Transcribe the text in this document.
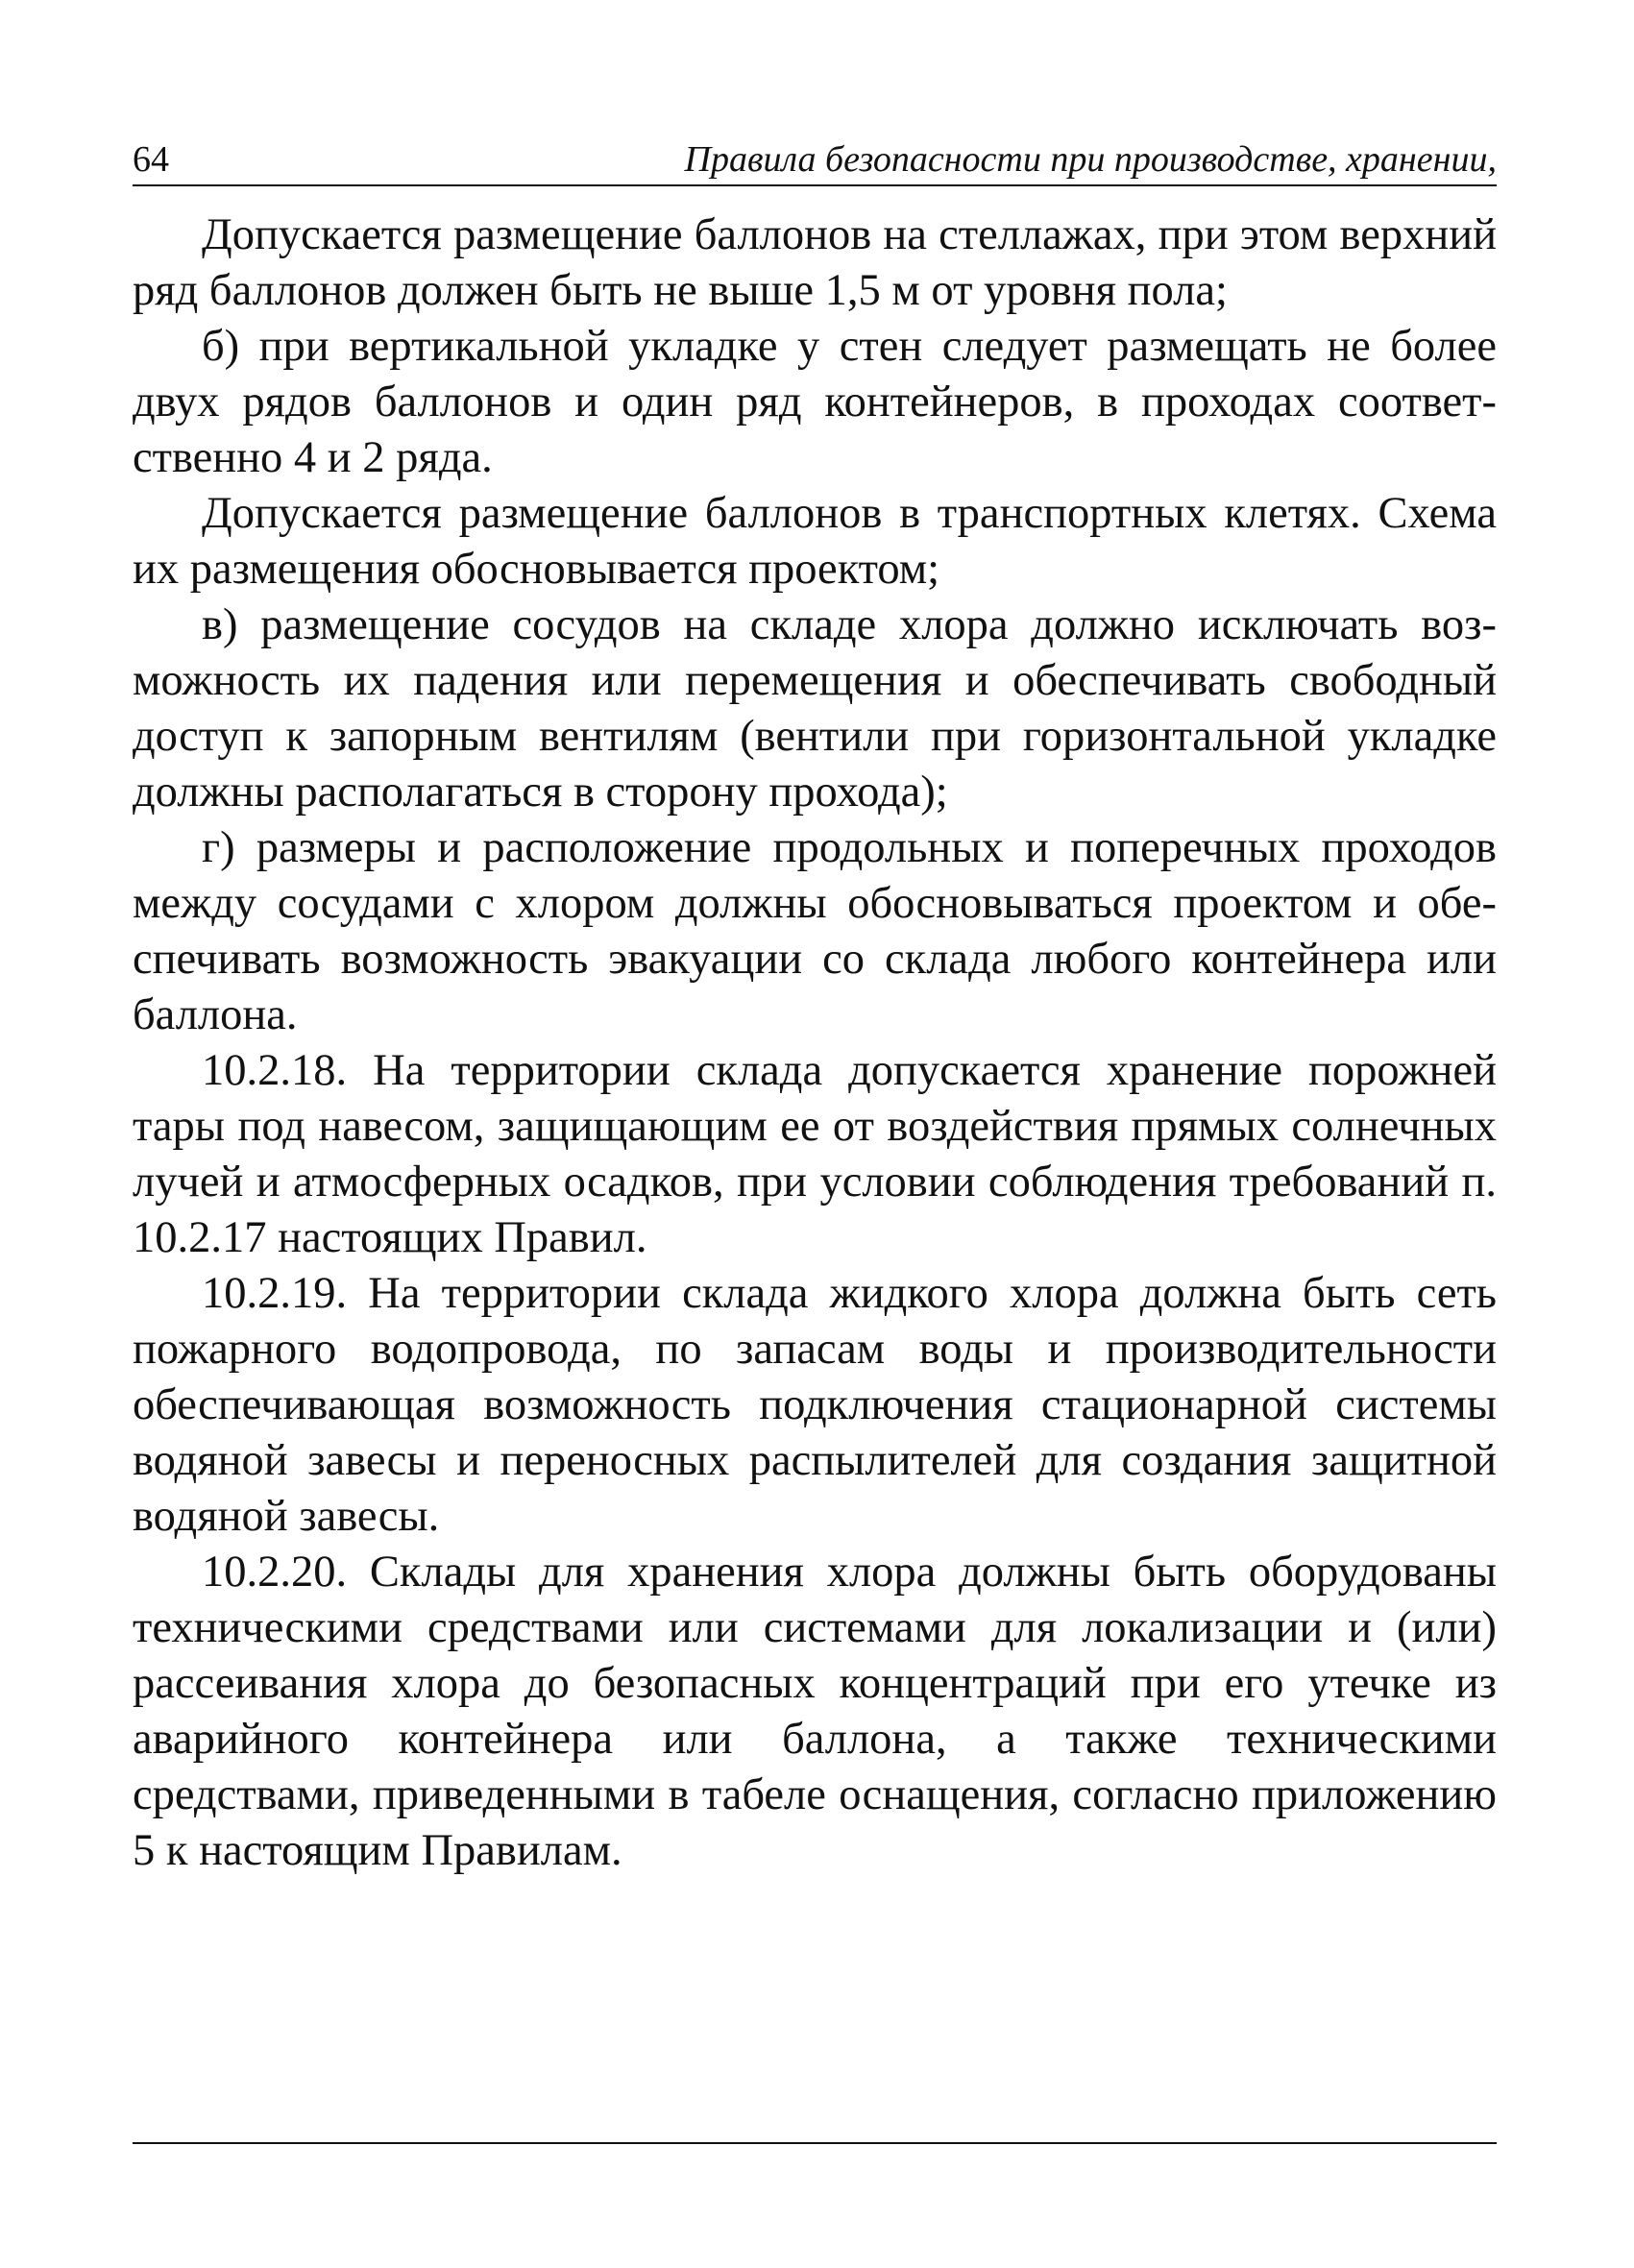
64	Правила безопасности при производстве, хранении,

Допускается размещение баллонов на стеллажах, при этом верхний ряд баллонов должен быть не выше 1,5 м от уровня пола;

б) при вертикальной укладке у стен следует размещать не более двух рядов баллонов и один ряд контейнеров, в проходах соответственно 4 и 2 ряда.

Допускается размещение баллонов в транспортных клетях. Схема их размещения обосновывается проектом;

в) размещение сосудов на складе хлора должно исключать возможность их падения или перемещения и обеспечивать свободный доступ к запорным вентилям (вентили при горизонтальной укладке должны располагаться в сторону прохода);

г) размеры и расположение продольных и поперечных проходов между сосудами с хлором должны обосновываться проектом и обеспечивать возможность эвакуации со склада любого контейнера или баллона.

10.2.18. На территории склада допускается хранение порожней тары под навесом, защищающим ее от воздействия прямых солнечных лучей и атмосферных осадков, при условии соблюдения требований п. 10.2.17 настоящих Правил.

10.2.19. На территории склада жидкого хлора должна быть сеть пожарного водопровода, по запасам воды и производительности обеспечивающая возможность подключения стационарной системы водяной завесы и переносных распылителей для создания защитной водяной завесы.

10.2.20. Склады для хранения хлора должны быть оборудованы техническими средствами или системами для локализации и (или) рассеивания хлора до безопасных концентраций при его утечке из аварийного контейнера или баллона, а также техническими средствами, приведенными в табеле оснащения, согласно приложению 5 к настоящим Правилам.
